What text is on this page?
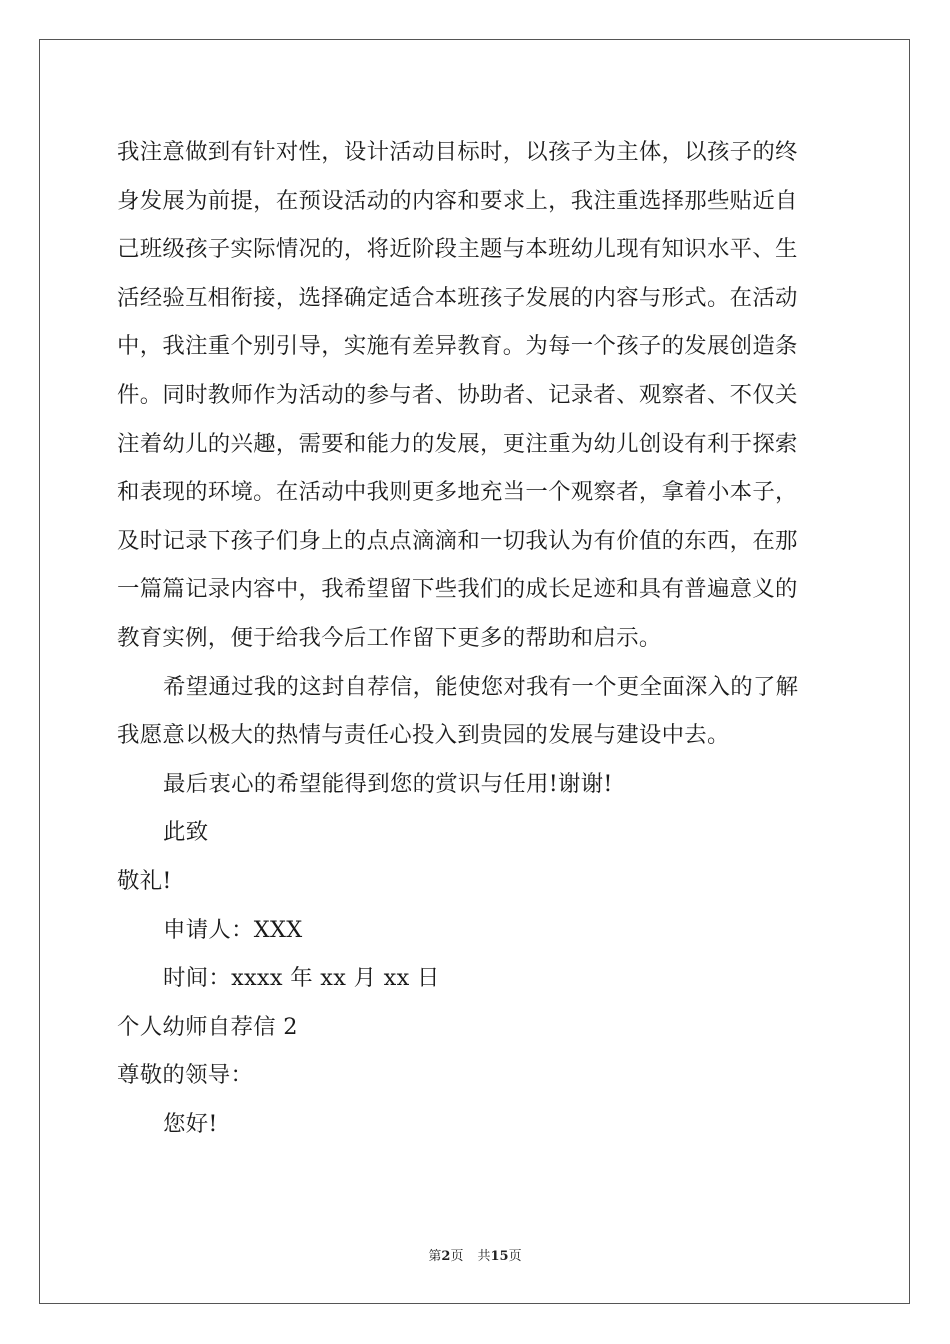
我注意做到有针对性，设计活动目标时，以孩子为主体，以孩子的终
身发展为前提，在预设活动的内容和要求上，我注重选择那些贴近自
己班级孩子实际情况的，将近阶段主题与本班幼儿现有知识水平、生
活经验互相衔接，选择确定适合本班孩子发展的内容与形式。在活动
中，我注重个别引导，实施有差异教育。为每一个孩子的发展创造条
件。同时教师作为活动的参与者、协助者、记录者、观察者、不仅关
注着幼儿的兴趣，需要和能力的发展，更注重为幼儿创设有利于探索
和表现的环境。在活动中我则更多地充当一个观察者，拿着小本子，
及时记录下孩子们身上的点点滴滴和一切我认为有价值的东西，在那
一篇篇记录内容中，我希望留下些我们的成长足迹和具有普遍意义的
教育实例，便于给我今后工作留下更多的帮助和启示。

希望通过我的这封自荐信，能使您对我有一个更全面深入的了解
我愿意以极大的热情与责任心投入到贵园的发展与建设中去。

最后衷心的希望能得到您的赏识与任用!谢谢!

此致

敬礼!

申请人：XXX

时间：xxxx 年 xx 月 xx 日

个人幼师自荐信 2

尊敬的领导：

您好!

第2页 共15页
